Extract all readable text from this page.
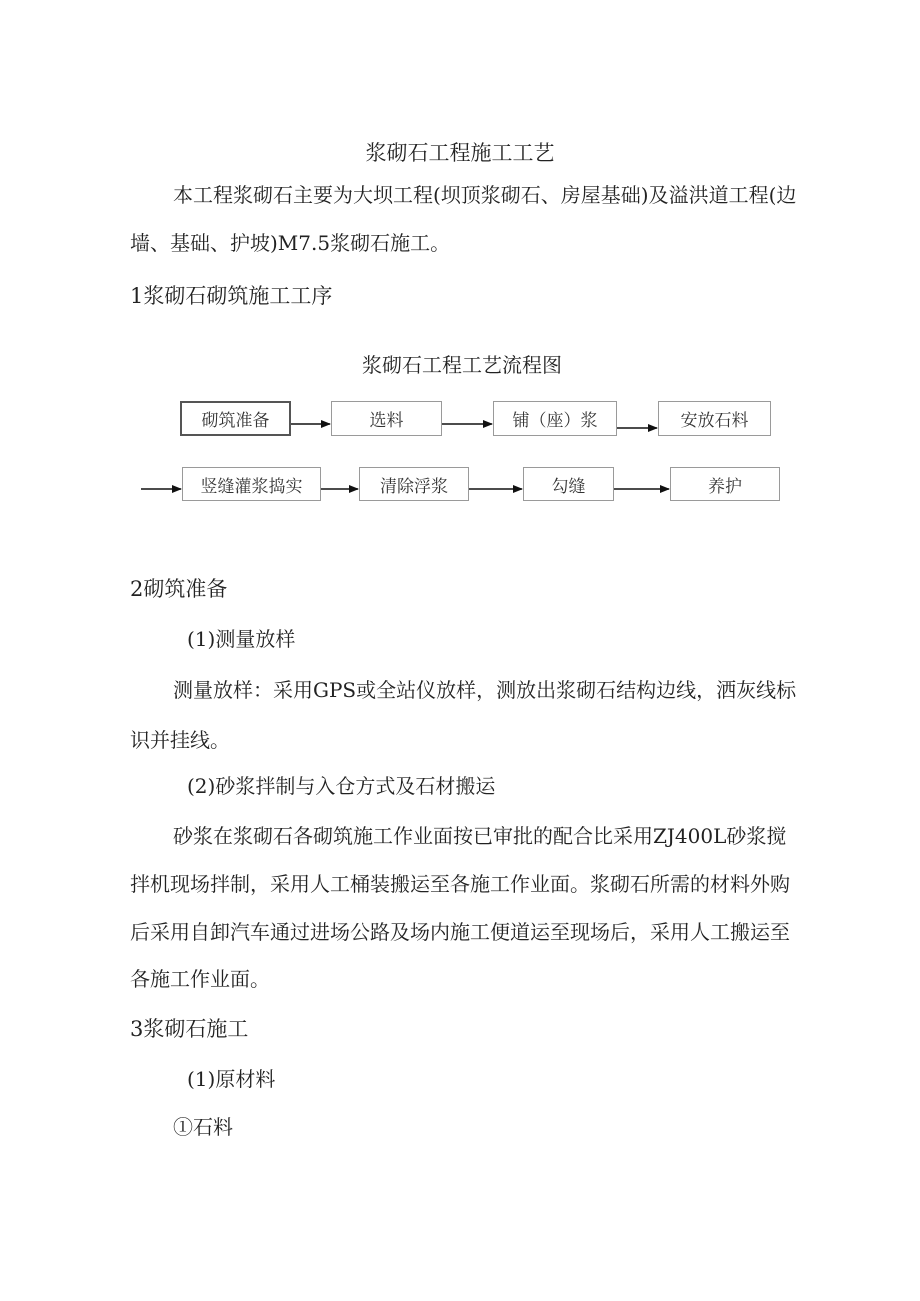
浆砌石工程施工工艺
本工程浆砌石主要为大坝工程(坝顶浆砌石、房屋基础)及溢洪道工程(边
墙、基础、护坡)M7.5浆砌石施工。
1浆砌石砌筑施工工序
浆砌石工程工艺流程图
砌筑准备	选料	铺（座）浆	安放石料
竖缝灌浆捣实	清除浮浆	勾缝	养护
2砌筑准备
(1)测量放样
测量放样：采用GPS或全站仪放样，测放出浆砌石结构边线，洒灰线标
识并挂线。
(2)砂浆拌制与入仓方式及石材搬运
砂浆在浆砌石各砌筑施工作业面按已审批的配合比采用ZJ400L砂浆搅
拌机现场拌制，采用人工桶装搬运至各施工作业面。浆砌石所需的材料外购
后采用自卸汽车通过进场公路及场内施工便道运至现场后，采用人工搬运至
各施工作业面。
3浆砌石施工
(1)原材料
①石料
